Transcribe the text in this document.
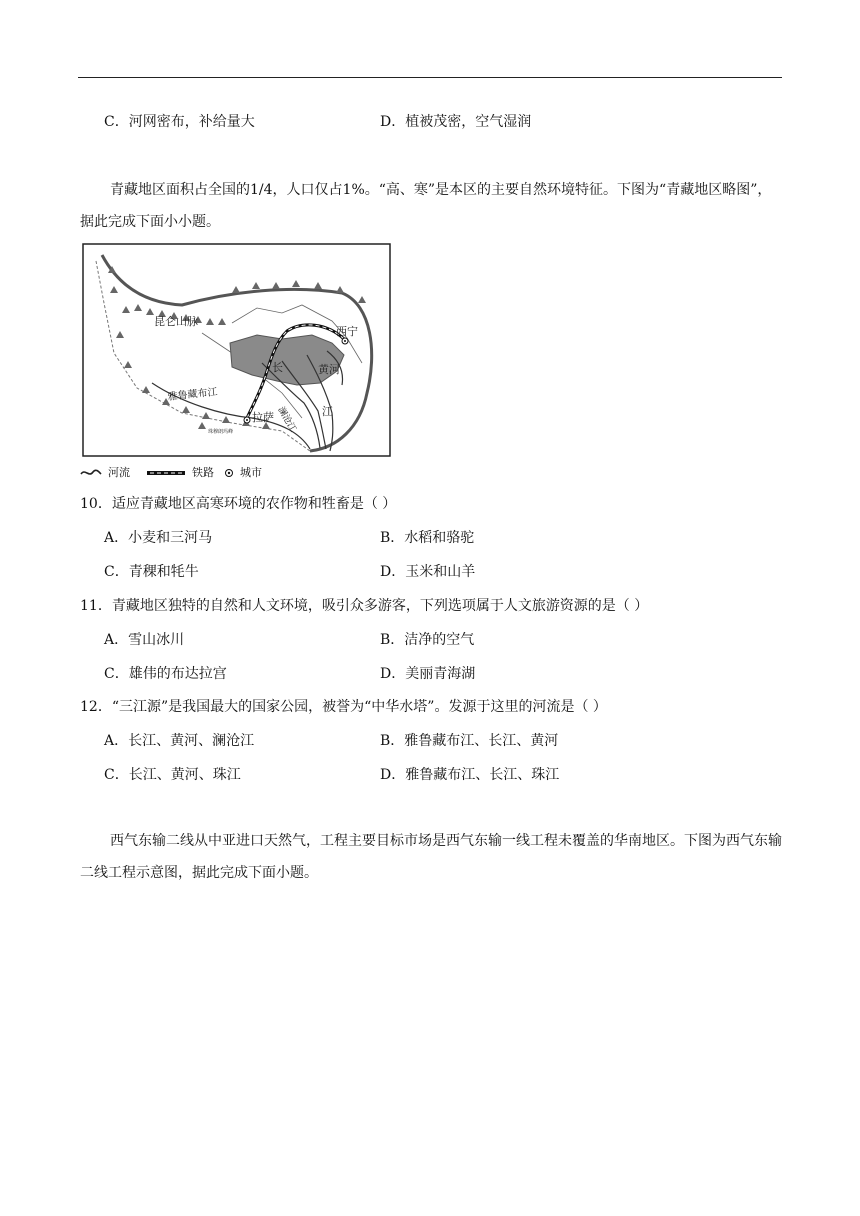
C．河网密布，补给量大	D．植被茂密，空气湿润
青藏地区面积占全国的1/4，人口仅占1%。“高、寒”是本区的主要自然环境特征。下图为“青藏地区略图”，据此完成下面小小题。
昆仑山脉
西宁
黄河
长
雅鲁藏布江
澜沧江 江
拉萨
珠穆朗玛峰
河流	铁路 城市
10．适应青藏地区高寒环境的农作物和牲畜是（ ）
A．小麦和三河马	B．水稻和骆驼
C．青稞和牦牛	D．玉米和山羊
11．青藏地区独特的自然和人文环境，吸引众多游客，下列选项属于人文旅游资源的是（ ）
A．雪山冰川	B．洁净的空气
C．雄伟的布达拉宫	D．美丽青海湖
12．“三江源”是我国最大的国家公园，被誉为“中华水塔”。发源于这里的河流是（ ）
A．长江、黄河、澜沧江	B．雅鲁藏布江、长江、黄河
C．长江、黄河、珠江	D．雅鲁藏布江、长江、珠江
西气东输二线从中亚进口天然气，工程主要目标市场是西气东输一线工程未覆盖的华南地区。下图为西气东输二线工程示意图，据此完成下面小题。
